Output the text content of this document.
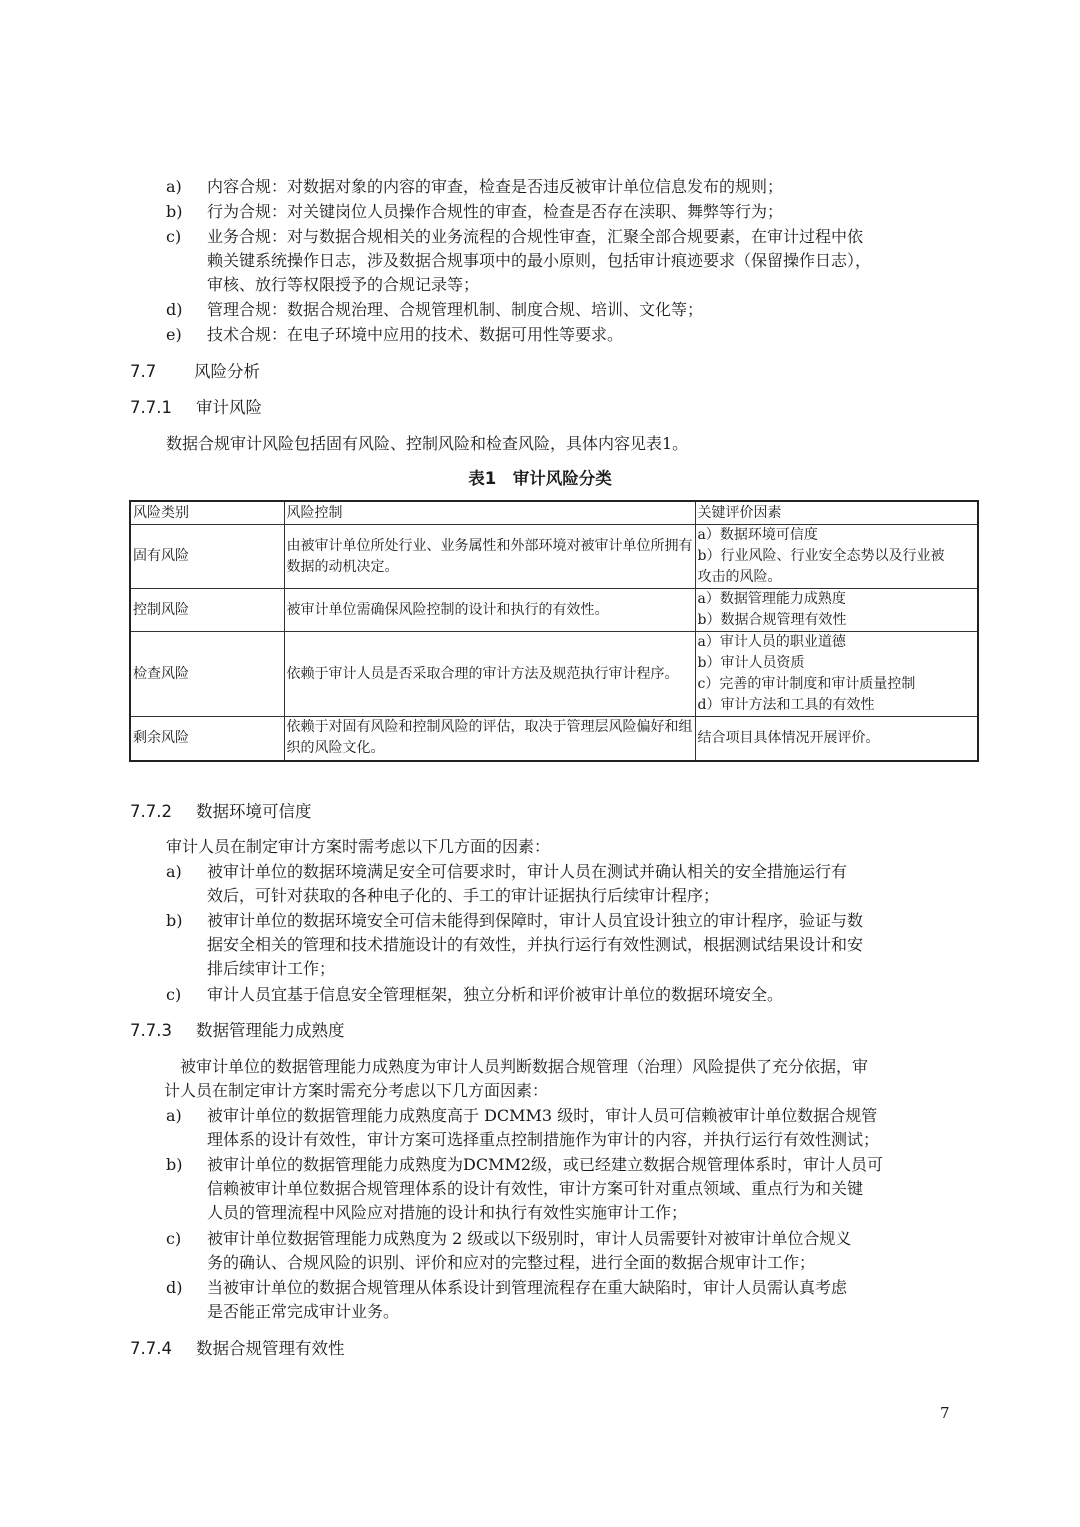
a) 内容合规：对数据对象的内容的审查，检查是否违反被审计单位信息发布的规则；
b) 行为合规：对关键岗位人员操作合规性的审查，检查是否存在渎职、舞弊等行为；
c) 业务合规：对与数据合规相关的业务流程的合规性审查，汇聚全部合规要素，在审计过程中依
赖关键系统操作日志，涉及数据合规事项中的最小原则，包括审计痕迹要求（保留操作日志），
审核、放行等权限授予的合规记录等；
d) 管理合规：数据合规治理、合规管理机制、制度合规、培训、文化等；
e) 技术合规：在电子环境中应用的技术、数据可用性等要求。
7.7 风险分析
7.7.1 审计风险
数据合规审计风险包括固有风险、控制风险和检查风险，具体内容见表1。
表1　审计风险分类
风险类别	风险控制	关键评价因素
固有风险	由被审计单位所处行业、业务属性和外部环境对被审计单位所拥有数据的动机决定。	a）数据环境可信度
b）行业风险、行业安全态势以及行业被
攻击的风险。

控制风险	被审计单位需确保风险控制的设计和执行的有效性。	a）数据管理能力成熟度
b）数据合规管理有效性

检查风险	依赖于审计人员是否采取合理的审计方法及规范执行审计程序。	a）审计人员的职业道德
b）审计人员资质
c）完善的审计制度和审计质量控制
d）审计方法和工具的有效性

剩余风险	依赖于对固有风险和控制风险的评估，取决于管理层风险偏好和组织的风险文化。	结合项目具体情况开展评价。
7.7.2 数据环境可信度
审计人员在制定审计方案时需考虑以下几方面的因素：
a) 被审计单位的数据环境满足安全可信要求时，审计人员在测试并确认相关的安全措施运行有
效后，可针对获取的各种电子化的、手工的审计证据执行后续审计程序；
b) 被审计单位的数据环境安全可信未能得到保障时，审计人员宜设计独立的审计程序，验证与数
据安全相关的管理和技术措施设计的有效性，并执行运行有效性测试，根据测试结果设计和安
排后续审计工作；
c) 审计人员宜基于信息安全管理框架，独立分析和评价被审计单位的数据环境安全。
7.7.3 数据管理能力成熟度
　被审计单位的数据管理能力成熟度为审计人员判断数据合规管理（治理）风险提供了充分依据，审
计人员在制定审计方案时需充分考虑以下几方面因素：
a) 被审计单位的数据管理能力成熟度高于 DCMM3 级时，审计人员可信赖被审计单位数据合规管
理体系的设计有效性，审计方案可选择重点控制措施作为审计的内容，并执行运行有效性测试；
b) 被审计单位的数据管理能力成熟度为DCMM2级，或已经建立数据合规管理体系时，审计人员可
信赖被审计单位数据合规管理体系的设计有效性，审计方案可针对重点领域、重点行为和关键
人员的管理流程中风险应对措施的设计和执行有效性实施审计工作；
c) 被审计单位数据管理能力成熟度为 2 级或以下级别时，审计人员需要针对被审计单位合规义
务的确认、合规风险的识别、评价和应对的完整过程，进行全面的数据合规审计工作；
d) 当被审计单位的数据合规管理从体系设计到管理流程存在重大缺陷时，审计人员需认真考虑
是否能正常完成审计业务。
7.7.4 数据合规管理有效性
7
